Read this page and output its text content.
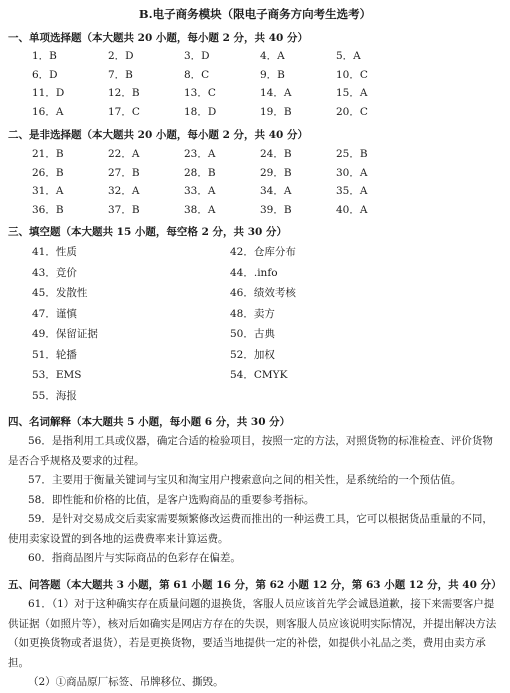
B.电子商务模块（限电子商务方向考生选考）
一、单项选择题（本大题共 20 小题，每小题 2 分，共 40 分）
1．B	2．D	3．D	4．A	5．A
6．D	7．B	8．C	9．B	10．C
11．D	12．B	13．C	14．A	15．A
16．A	17．C	18．D	19．B	20．C
二、是非选择题（本大题共 20 小题，每小题 2 分，共 40 分）
21．B	22．A	23．A	24．B	25．B
26．B	27．B	28．B	29．B	30．A
31．A	32．A	33．A	34．A	35．A
36．B	37．B	38．A	39．B	40．A
三、填空题（本大题共 15 小题，每空格 2 分，共 30 分）
41．性质	42．仓库分布
43．竞价	44．.info
45．发散性	46．绩效考核
47．谨慎	48．卖方
49．保留证据	50．古典
51．轮播	52．加权
53．EMS	54．CMYK
55．海报
四、名词解释（本大题共 5 小题，每小题 6 分，共 30 分）

56．是指利用工具或仪器，确定合适的检验项目，按照一定的方法，对照货物的标准检查、评价货物是否合乎规格及要求的过程。

57．主要用于衡量关键词与宝贝和淘宝用户搜索意向之间的相关性，是系统给的一个预估值。

58．即性能和价格的比值，是客户选购商品的重要参考指标。

59．是针对交易成交后卖家需要频繁修改运费而推出的一种运费工具，它可以根据货品重量的不同，使用卖家设置的到各地的运费费率来计算运费。

60．指商品图片与实际商品的色彩存在偏差。

五、问答题（本大题共 3 小题，第 61 小题 16 分，第 62 小题 12 分，第 63 小题 12 分，共 40 分）

61．（1）对于这种确实存在质量问题的退换货，客服人员应该首先学会诚恳道歉，接下来需要客户提供证据（如照片等），核对后如确实是网店方存在的失误，则客服人员应该说明实际情况，并提出解决方法（如更换货物或者退货），若是更换货物，要适当地提供一定的补偿，如提供小礼品之类，费用由卖方承担。

（2）①商品原厂标签、吊牌移位、撕毁。
